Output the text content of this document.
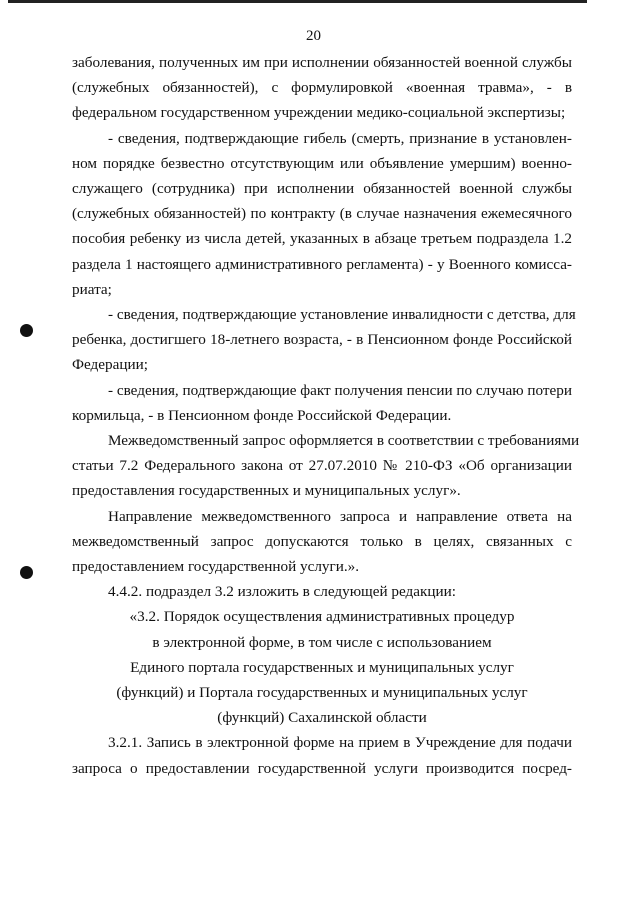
20
заболевания, полученных им при исполнении обязанностей военной службы
(служебных обязанностей), с формулировкой «военная травма», - в
федеральном государственном учреждении медико-социальной экспертизы;
- сведения, подтверждающие гибель (смерть, признание в установлен-
ном порядке безвестно отсутствующим или объявление умершим) военно-
служащего (сотрудника) при исполнении обязанностей военной службы
(служебных обязанностей) по контракту (в случае назначения ежемесячного
пособия ребенку из числа детей, указанных в абзаце третьем подраздела 1.2
раздела 1 настоящего административного регламента) - у Военного комисса-
риата;
- сведения, подтверждающие установление инвалидности с детства, для
ребенка, достигшего 18-летнего возраста, - в Пенсионном фонде Российской
Федерации;
- сведения, подтверждающие факт получения пенсии по случаю потери
кормильца, - в Пенсионном фонде Российской Федерации.
Межведомственный запрос оформляется в соответствии с требованиями
статьи 7.2 Федерального закона от 27.07.2010 № 210-ФЗ «Об организации
предоставления государственных и муниципальных услуг».
Направление межведомственного запроса и направление ответа на
межведомственный запрос допускаются только в целях, связанных с
предоставлением государственной услуги.».
4.4.2. подраздел 3.2 изложить в следующей редакции:
«3.2. Порядок осуществления административных процедур
в электронной форме, в том числе с использованием
Единого портала государственных и муниципальных услуг
(функций) и Портала государственных и муниципальных услуг
(функций) Сахалинской области
3.2.1. Запись в электронной форме на прием в Учреждение для подачи
запроса о предоставлении государственной услуги производится посред-
